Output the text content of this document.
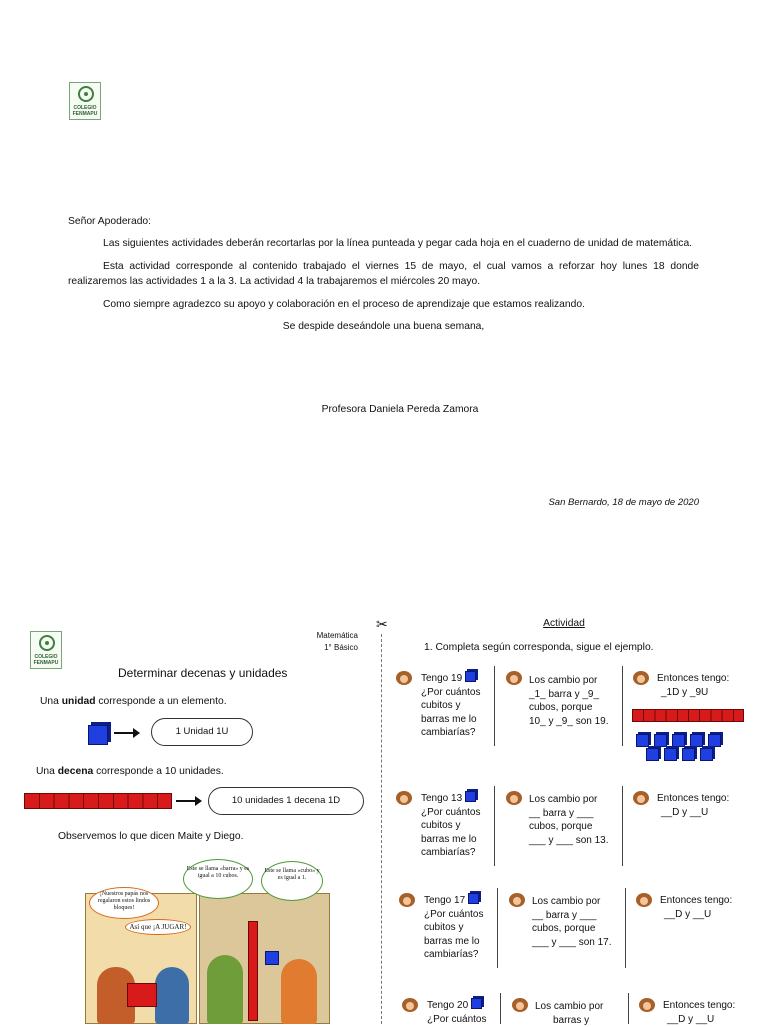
COLEGIO
FENMAPU

Señor Apoderado:

Las siguientes actividades deberán recortarlas por la línea punteada y pegar cada hoja en el cuaderno de unidad de matemática.

Esta actividad corresponde al contenido trabajado el viernes 15 de mayo, el cual vamos a reforzar hoy lunes 18 donde realizaremos las actividades 1 a la 3. La actividad 4 la trabajaremos el miércoles 20 mayo.

Como siempre agradezco su apoyo y colaboración en el proceso de aprendizaje que estamos realizando.

Se despide deseándole una buena semana,

Profesora Daniela Pereda Zamora
San Bernardo, 18 de mayo de 2020
COLEGIO
FENMAPU
Matemática
1° Básico
Determinar decenas y unidades
Una unidad corresponde a un elemento.
1 Unidad 1U
Una decena corresponde a 10 unidades.
10 unidades 1 decena 1D
Observemos lo que dicen Maite y Diego.
¡Nuestros papás nos regalaron estos lindos bloques!
Así que ¡A JUGAR!
Este se llama «barra» y es igual a 10 cubos.
Este se llama «cubo» y es igual a 1.
✂	Actividad
1. Completa según corresponda, sigue el ejemplo.
Tengo 19
¿Por cuántos
cubitos y
barras me lo
cambiarías?
Los cambio por
_1_ barra y _9_
cubos, porque
10_ y _9_ son 19.
Entonces tengo:
_1D y _9U
Tengo 13
¿Por cuántos
cubitos y
barras me lo
cambiarías?
Los cambio por
__ barra y ___
cubos, porque
___ y ___ son 13.
Entonces tengo:
__D y __U
Tengo 17
¿Por cuántos
cubitos y
barras me lo
cambiarías?
Los cambio por
__ barra y ___
cubos, porque
___ y ___ son 17.
Entonces tengo:
__D y __U
Tengo 20
¿Por cuántos
Los cambio por
barras y
Entonces tengo:
__D y __U
